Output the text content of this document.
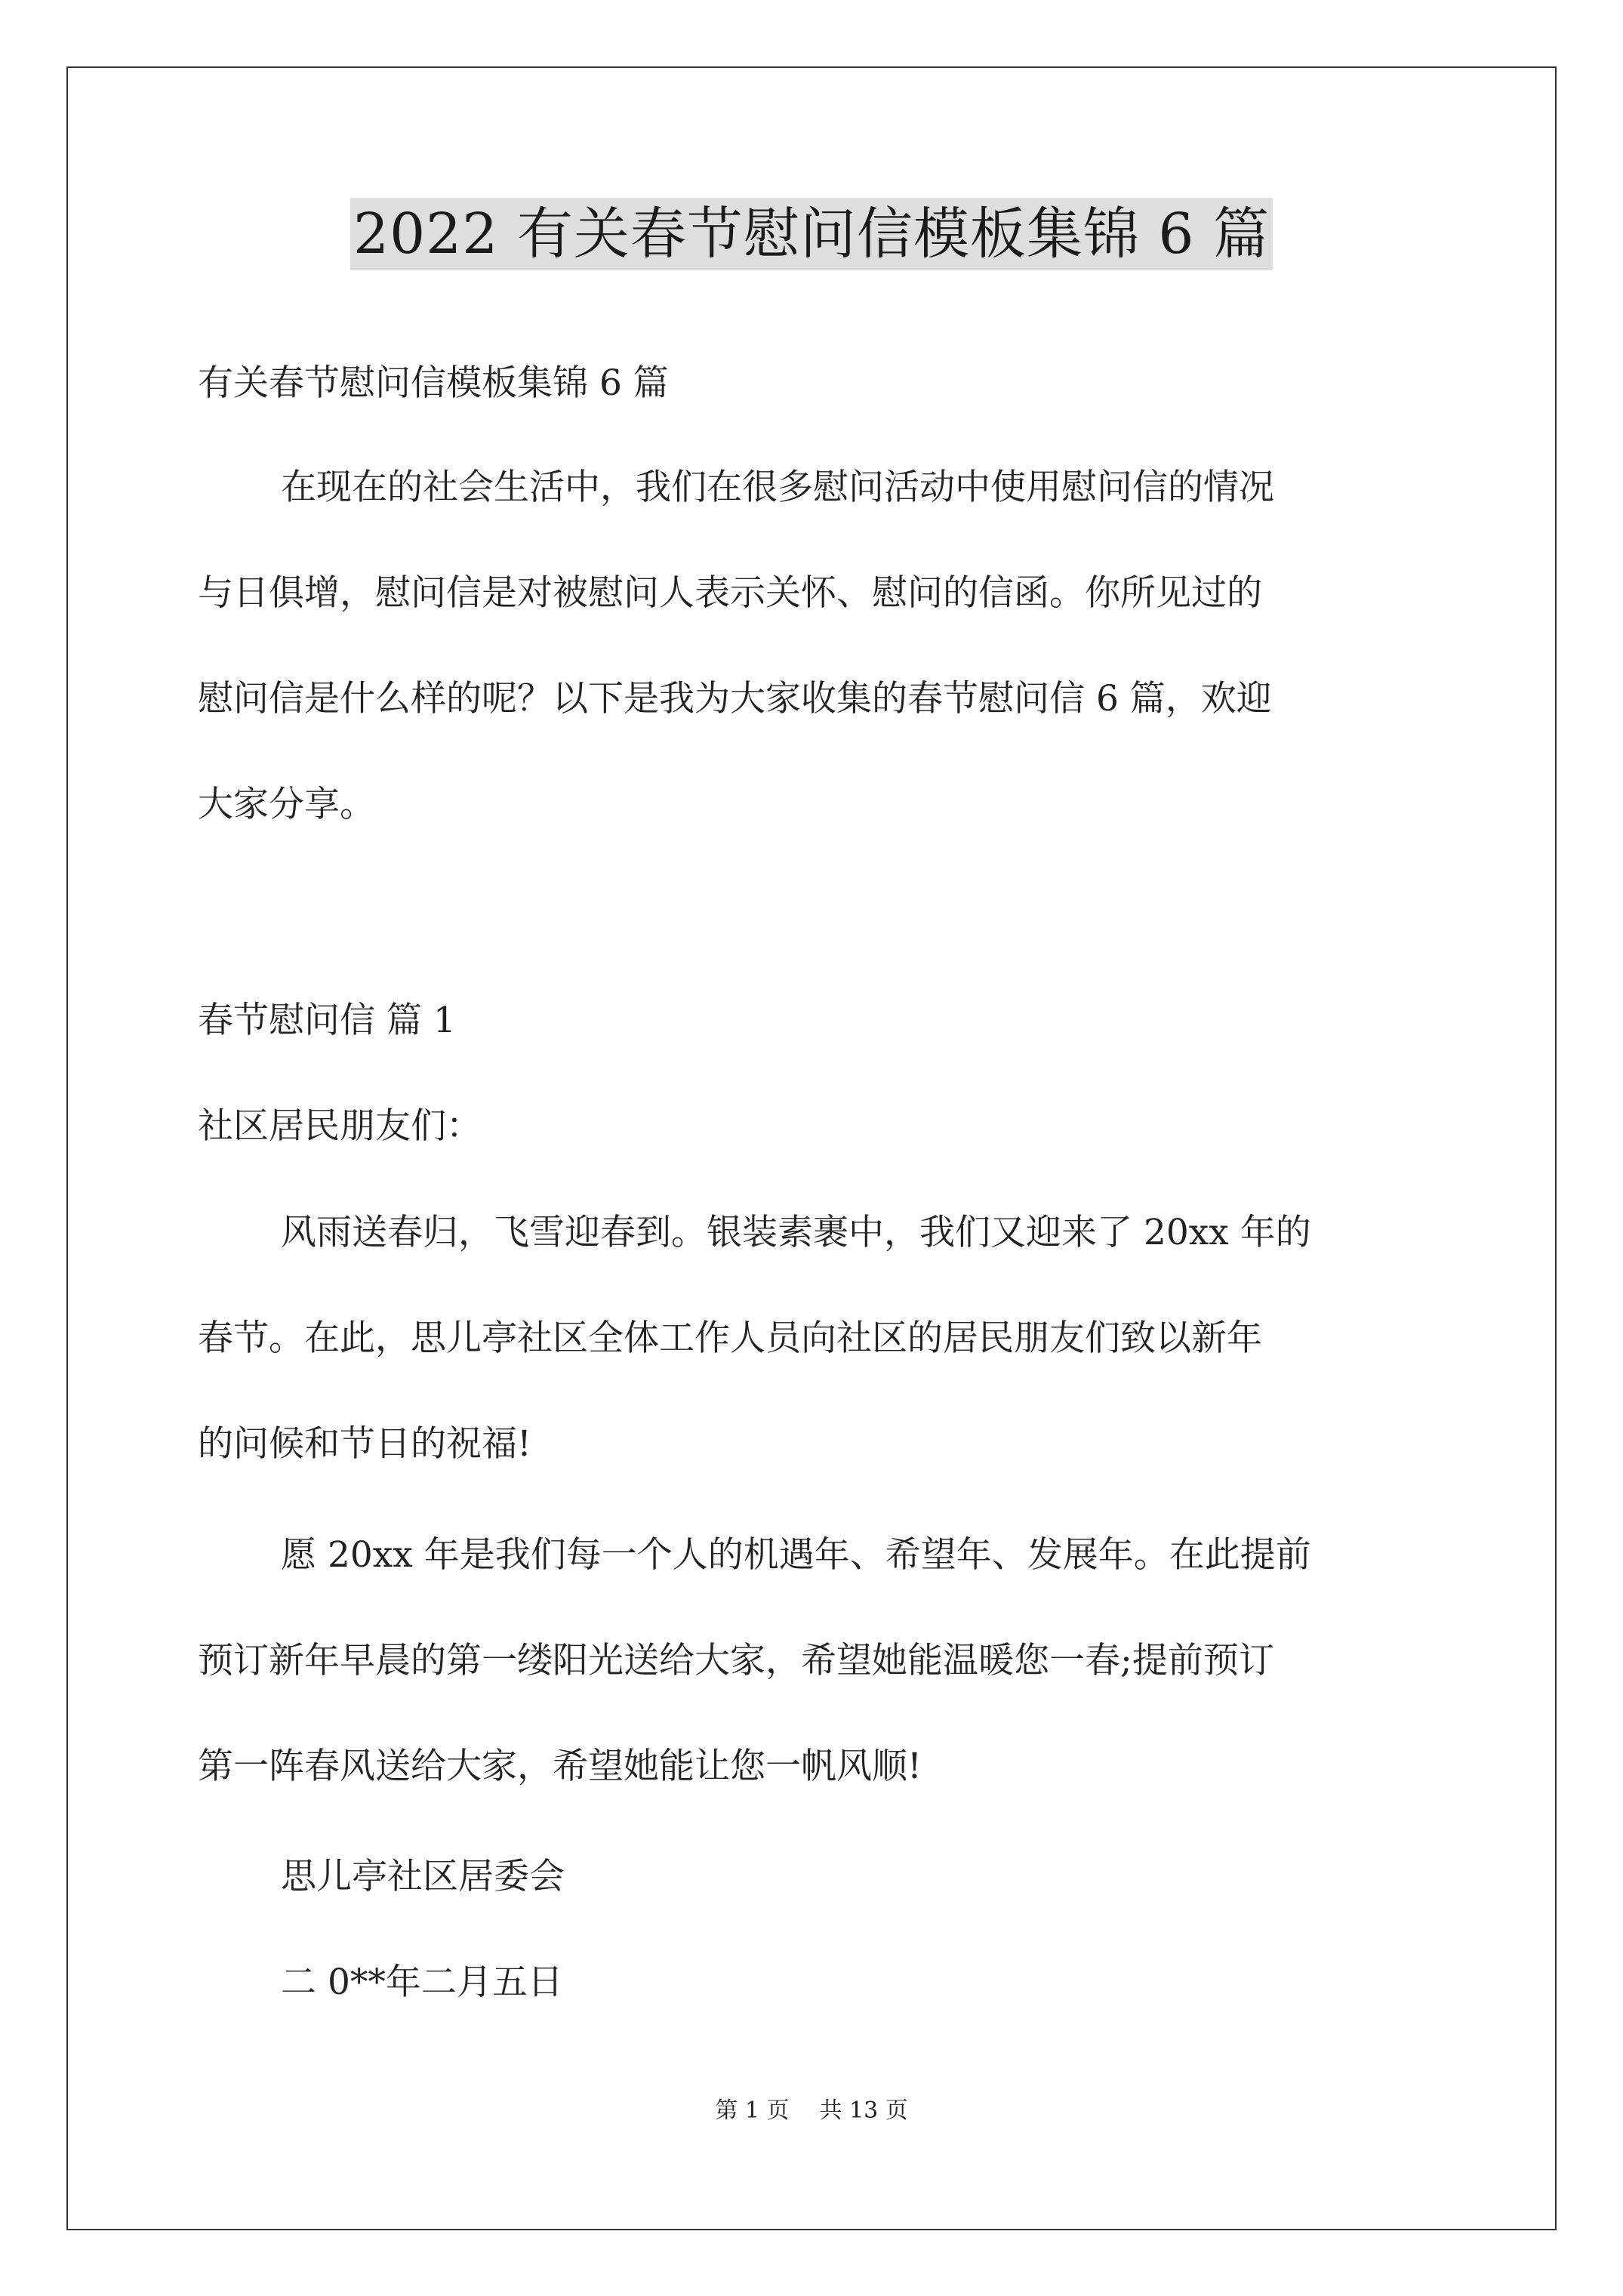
2022 有关春节慰问信模板集锦 6 篇
有关春节慰问信模板集锦 6 篇
在现在的社会生活中，我们在很多慰问活动中使用慰问信的情况
与日俱增，慰问信是对被慰问人表示关怀、慰问的信函。你所见过的
慰问信是什么样的呢？以下是我为大家收集的春节慰问信 6 篇，欢迎
大家分享。
春节慰问信 篇 1
社区居民朋友们：
风雨送春归，飞雪迎春到。银装素裹中，我们又迎来了 20xx 年的
春节。在此，思儿亭社区全体工作人员向社区的居民朋友们致以新年
的问候和节日的祝福!
愿 20xx 年是我们每一个人的机遇年、希望年、发展年。在此提前
预订新年早晨的第一缕阳光送给大家，希望她能温暖您一春;提前预订
第一阵春风送给大家，希望她能让您一帆风顺!
思儿亭社区居委会
二 0**年二月五日
第 1 页 共 13 页
